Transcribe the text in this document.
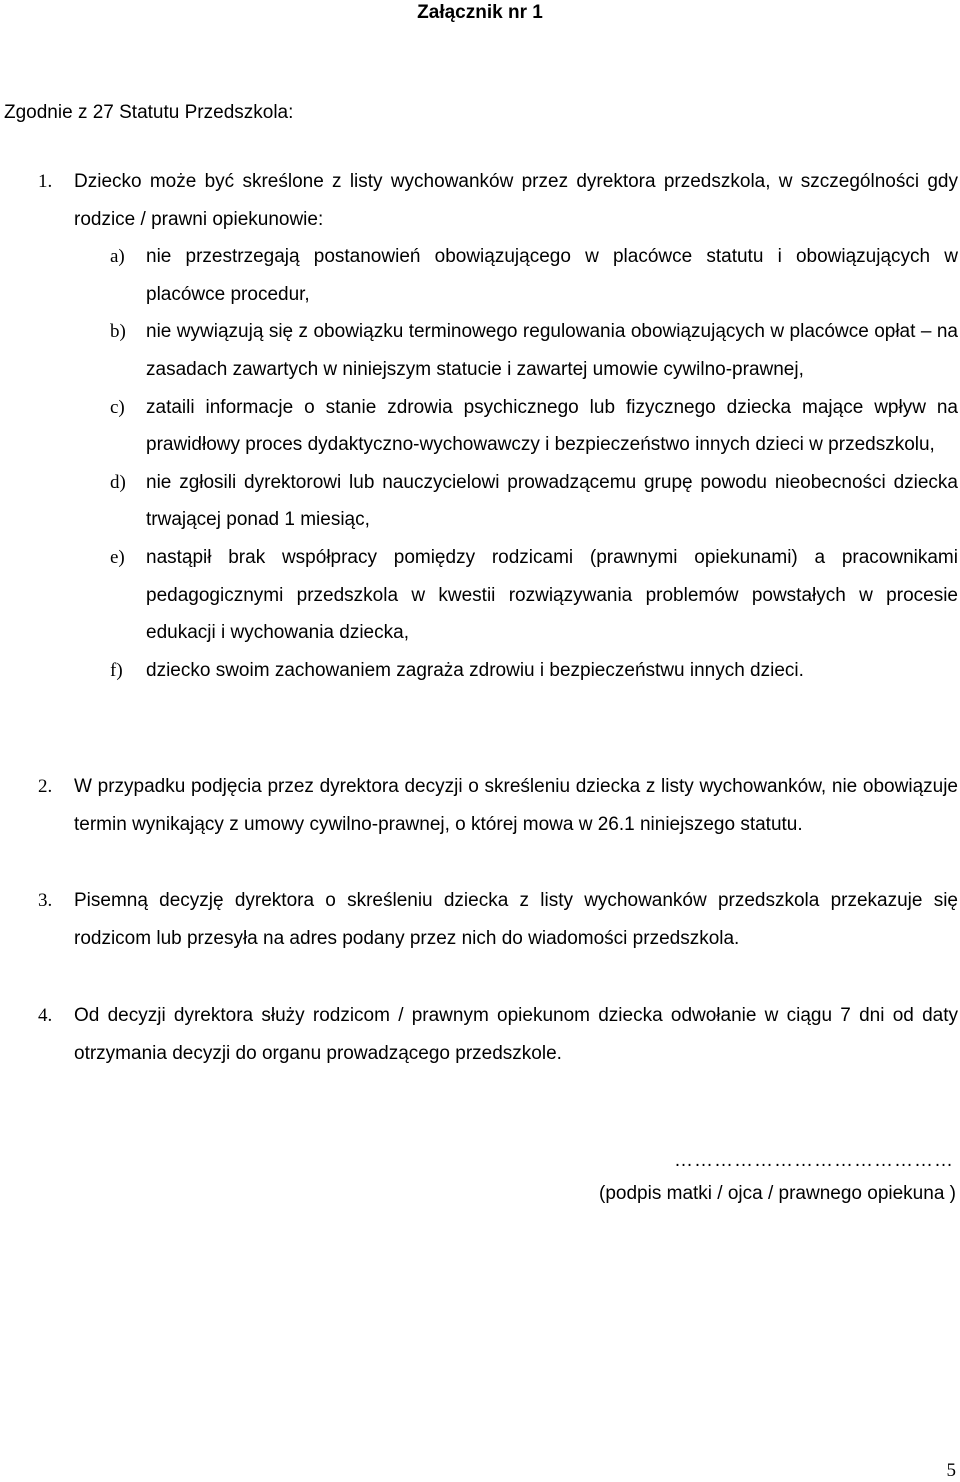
Załącznik nr 1
Zgodnie z 27 Statutu Przedszkola:
1. Dziecko może być skreślone z listy wychowanków przez dyrektora przedszkola, w szczególności gdy rodzice / prawni opiekunowie:
a) nie przestrzegają postanowień obowiązującego w placówce statutu i obowiązujących w placówce procedur,
b) nie wywiązują się z obowiązku terminowego regulowania obowiązujących w placówce opłat – na zasadach zawartych w niniejszym statucie i zawartej umowie cywilno-prawnej,
c) zataili informacje o stanie zdrowia psychicznego lub fizycznego dziecka mające wpływ na prawidłowy proces dydaktyczno-wychowawczy i bezpieczeństwo innych dzieci w przedszkolu,
d) nie zgłosili dyrektorowi lub nauczycielowi prowadzącemu grupę powodu nieobecności dziecka trwającej ponad 1 miesiąc,
e) nastąpił brak współpracy pomiędzy rodzicami (prawnymi opiekunami) a pracownikami pedagogicznymi przedszkola w kwestii rozwiązywania problemów powstałych w procesie edukacji i wychowania dziecka,
f) dziecko swoim zachowaniem zagraża zdrowiu i bezpieczeństwu innych dzieci.
2. W przypadku podjęcia przez dyrektora decyzji o skreśleniu dziecka z listy wychowanków, nie obowiązuje termin wynikający z umowy cywilno-prawnej, o której mowa w 26.1 niniejszego statutu.
3. Pisemną decyzję dyrektora o skreśleniu dziecka z listy wychowanków przedszkola przekazuje się rodzicom lub przesyła na adres podany przez nich do wiadomości przedszkola.
4. Od decyzji dyrektora służy rodzicom / prawnym opiekunom dziecka odwołanie w ciągu 7 dni od daty otrzymania decyzji do organu prowadzącego przedszkole.
……………………………………
(podpis matki / ojca / prawnego opiekuna )
5
